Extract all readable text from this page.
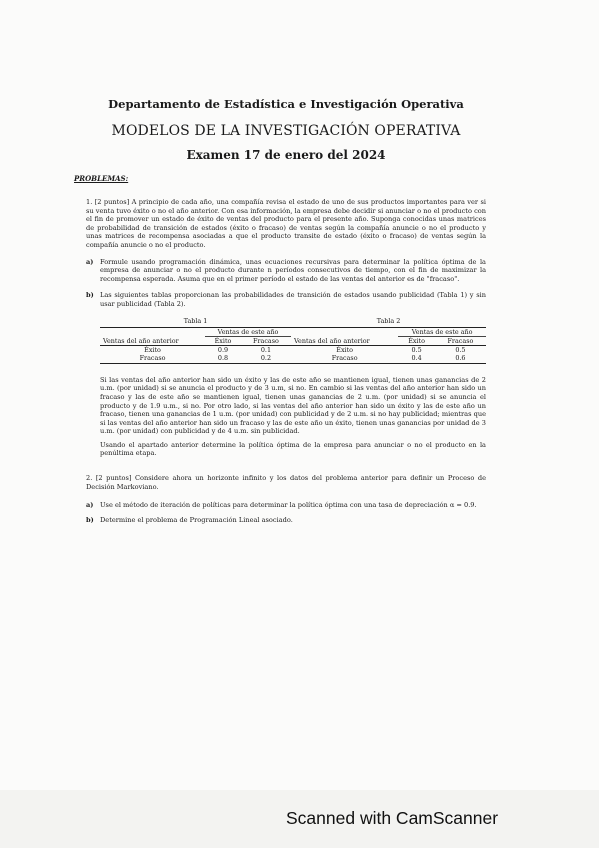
Departamento de Estadística e Investigación Operativa

MODELOS DE LA INVESTIGACIÓN OPERATIVA

Examen 17 de enero del 2024

PROBLEMAS:

1. [2 puntos] A principio de cada año, una compañía revisa el estado de uno de sus productos importantes para ver si su venta tuvo éxito o no el año anterior. Con esa información, la empresa debe decidir si anunciar o no el producto con el fin de promover un estado de éxito de ventas del producto para el presente año. Suponga conocidas unas matrices de probabilidad de transición de estados (éxito o fracaso) de ventas según la compañía anuncie o no el producto y unas matrices de recompensa asociadas a que el producto transite de estado (éxito o fracaso) de ventas según la compañía anuncie o no el producto.

a) Formule usando programación dinámica, unas ecuaciones recursivas para determinar la política óptima de la empresa de anunciar o no el producto durante n períodos consecutivos de tiempo, con el fin de maximizar la recompensa esperada. Asuma que en el primer período el estado de las ventas del anterior es de "fracaso".

b) Las siguientes tablas proporcionan las probabilidades de transición de estados usando publicidad (Tabla 1) y sin usar publicidad (Tabla 2).

Tabla 1
	Ventas de este año	
Ventas del año anterior	Éxito	Fracaso
Éxito	0.9	0.1
Fracaso	0.8	0.2
Tabla 2
	Ventas de este año	
Ventas del año anterior	Éxito	Fracaso
Éxito	0.5	0.5
Fracaso	0.4	0.6

Si las ventas del año anterior han sido un éxito y las de este año se mantienen igual, tienen unas ganancias de 2 u.m. (por unidad) si se anuncia el producto y de 3 u.m, si no. En cambio si las ventas del año anterior han sido un fracaso y las de este año se mantienen igual, tienen unas ganancias de 2 u.m. (por unidad) si se anuncia el producto y de 1.9 u.m., si no. Por otro lado, si las ventas del año anterior han sido un éxito y las de este año un fracaso, tienen una ganancias de 1 u.m. (por unidad) con publicidad y de 2 u.m. si no hay publicidad; mientras que si las ventas del año anterior han sido un fracaso y las de este año un éxito, tienen unas ganancias por unidad de 3 u.m. (por unidad) con publicidad y de 4 u.m. sin publicidad.

Usando el apartado anterior determine la política óptima de la empresa para anunciar o no el producto en la penúltima etapa.

2. [2 puntos] Considere ahora un horizonte infinito y los datos del problema anterior para definir un Proceso de Decisión Markoviano.

a) Use el método de iteración de políticas para determinar la política óptima con una tasa de depreciación α = 0.9.

b) Determine el problema de Programación Lineal asociado.

Scanned with CamScanner
